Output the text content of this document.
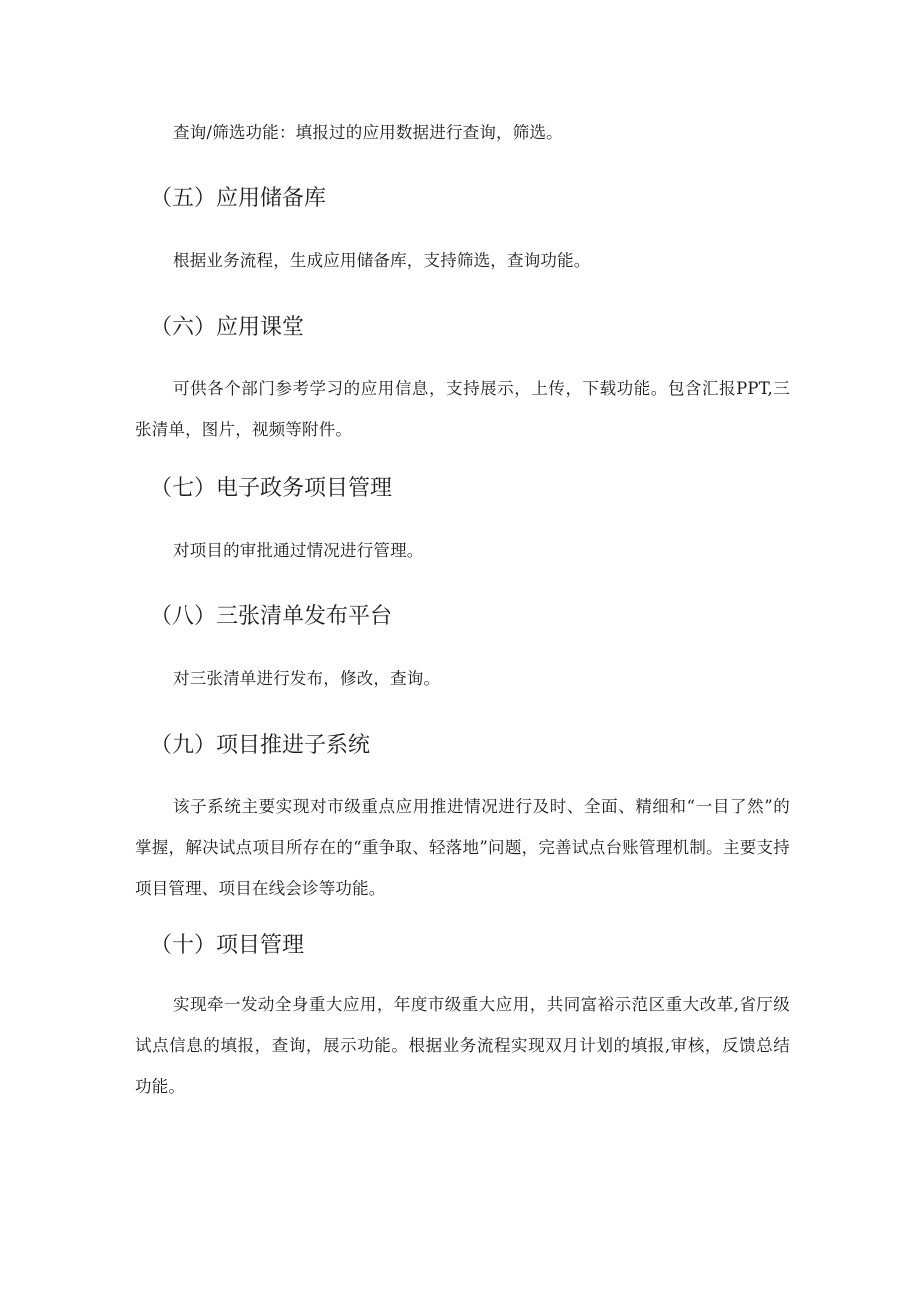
查询/筛选功能：填报过的应用数据进行查询，筛选。

（五）应用储备库

根据业务流程，生成应用储备库，支持筛选，查询功能。

（六）应用课堂

可供各个部门参考学习的应用信息，支持展示，上传，下载功能。包含汇报PPT,三张清单，图片，视频等附件。

（七）电子政务项目管理

对项目的审批通过情况进行管理。

（八）三张清单发布平台

对三张清单进行发布，修改，查询。

（九）项目推进子系统

该子系统主要实现对市级重点应用推进情况进行及时、全面、精细和“一目了然”的掌握，解决试点项目所存在的“重争取、轻落地”问题，完善试点台账管理机制。主要支持项目管理、项目在线会诊等功能。

（十）项目管理

实现牵一发动全身重大应用，年度市级重大应用，共同富裕示范区重大改革,省厅级试点信息的填报，查询，展示功能。根据业务流程实现双月计划的填报,审核，反馈总结功能。
